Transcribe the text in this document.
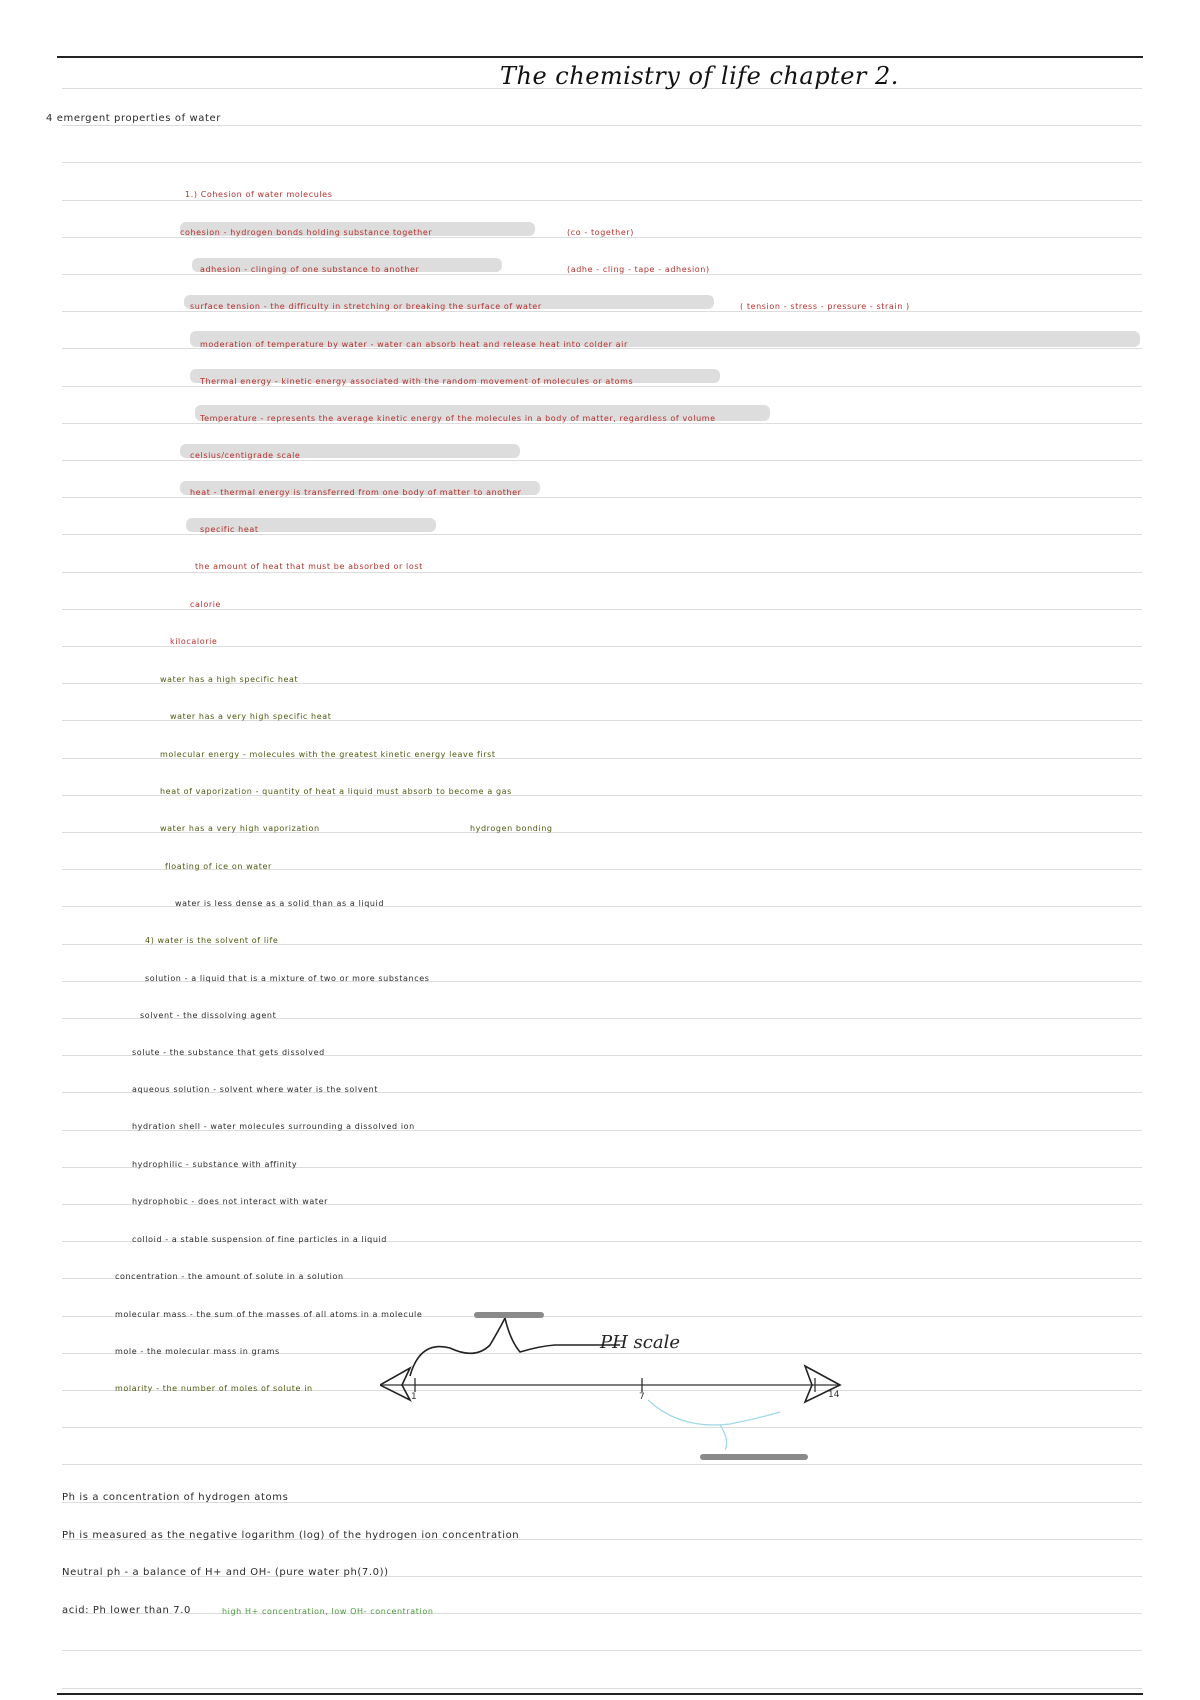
The chemistry of life chapter 2.
4 emergent properties of water
1.) Cohesion of water molecules
cohesion - hydrogen bonds holding substance together	(co - together)
adhesion - clinging of one substance to another	(adhe - cling - tape - adhesion)
surface tension - the difficulty in stretching or breaking the surface of water	( tension - stress - pressure - strain )
moderation of temperature by water - water can absorb heat and release heat into colder air
Thermal energy - kinetic energy associated with the random movement of molecules or atoms
Temperature - represents the average kinetic energy of the molecules in a body of matter, regardless of volume
celsius/centigrade scale
heat - thermal energy is transferred from one body of matter to another
specific heat
the amount of heat that must be absorbed or lost
calorie
kilocalorie
water has a high specific heat
water has a very high specific heat
molecular energy - molecules with the greatest kinetic energy leave first
heat of vaporization - quantity of heat a liquid must absorb to become a gas
water has a very high vaporization	hydrogen bonding
floating of ice on water
water is less dense as a solid than as a liquid
4) water is the solvent of life
solution - a liquid that is a mixture of two or more substances
solvent - the dissolving agent
solute - the substance that gets dissolved
aqueous solution - solvent where water is the solvent
hydration shell - water molecules surrounding a dissolved ion
hydrophilic - substance with affinity
hydrophobic - does not interact with water
colloid - a stable suspension of fine particles in a liquid
concentration - the amount of solute in a solution
molecular mass - the sum of the masses of all atoms in a molecule
mole - the molecular mass in grams
molarity - the number of moles of solute in
PH scale
1	7	14
Ph is a concentration of hydrogen atoms
Ph is measured as the negative logarithm (log) of the hydrogen ion concentration
Neutral ph - a balance of H+ and OH- (pure water ph(7.0))
acid: Ph lower than 7.0	high H+ concentration, low OH- concentration
